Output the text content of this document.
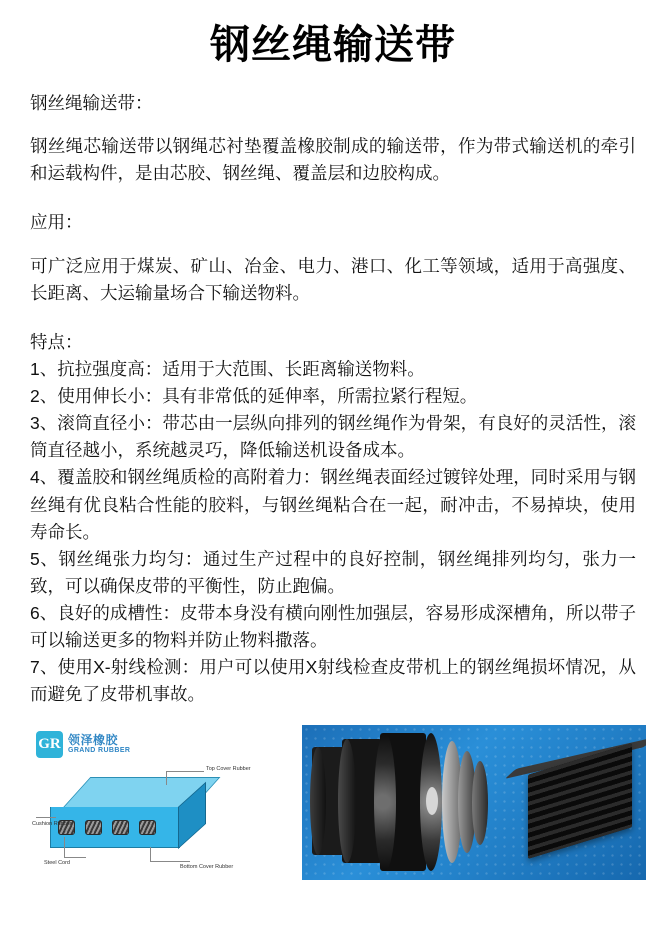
钢丝绳输送带

钢丝绳输送带：

钢丝绳芯输送带以钢绳芯衬垫覆盖橡胶制成的输送带，作为带式输送机的牵引和运载构件，是由芯胶、钢丝绳、覆盖层和边胶构成。

应用：

可广泛应用于煤炭、矿山、冶金、电力、港口、化工等领域，适用于高强度、长距离、大运输量场合下输送物料。

特点：

1、抗拉强度高：适用于大范围、长距离输送物料。

2、使用伸长小：具有非常低的延伸率，所需拉紧行程短。

3、滚筒直径小：带芯由一层纵向排列的钢丝绳作为骨架，有良好的灵活性，滚筒直径越小，系统越灵巧，降低输送机设备成本。

4、覆盖胶和钢丝绳质检的高附着力：钢丝绳表面经过镀锌处理，同时采用与钢丝绳有优良粘合性能的胶料，与钢丝绳粘合在一起，耐冲击，不易掉块，使用寿命长。

5、钢丝绳张力均匀：通过生产过程中的良好控制，钢丝绳排列均匀，张力一致，可以确保皮带的平衡性，防止跑偏。

6、良好的成槽性：皮带本身没有横向刚性加强层，容易形成深槽角，所以带子可以输送更多的物料并防止物料撒落。

7、使用X-射线检测：用户可以使用X射线检查皮带机上的钢丝绳损坏情况，从而避免了皮带机事故。

GR 领泽橡胶
GRAND RUBBER
Top Cover Rubber
Cushion Rubber
Steel Cord
Bottom Cover Rubber
